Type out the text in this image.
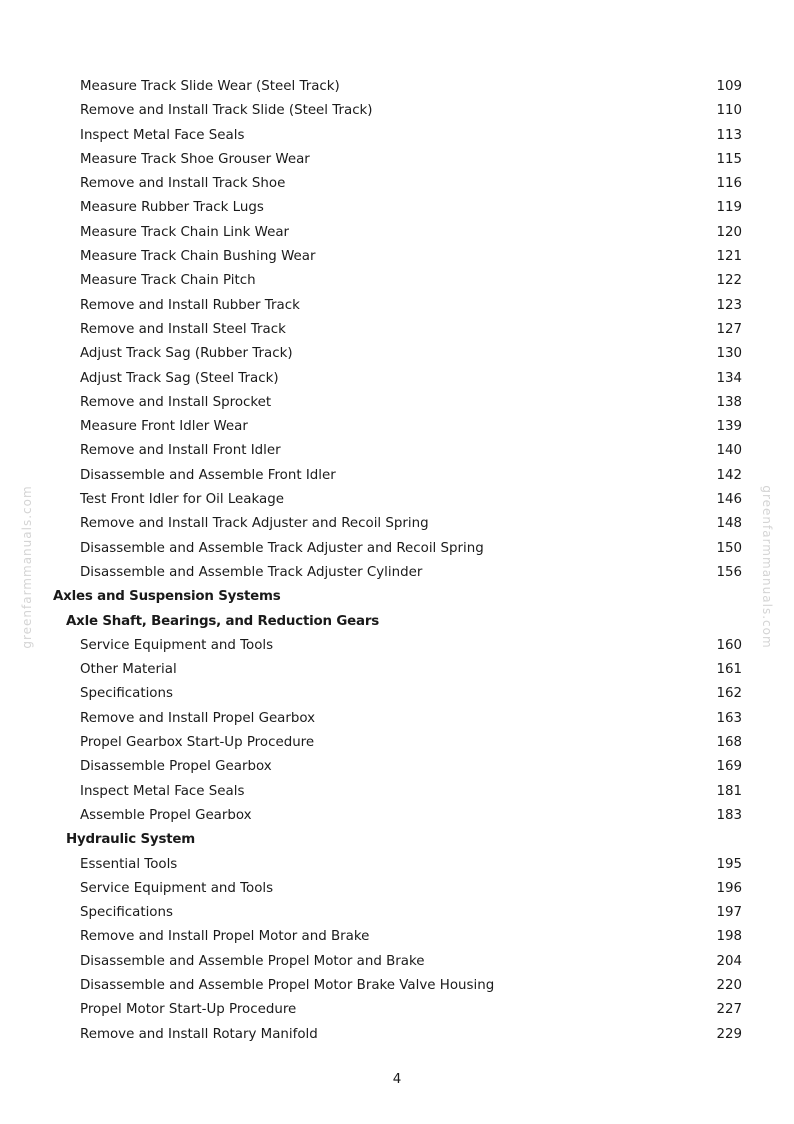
Measure Track Slide Wear (Steel Track)	109
Remove and Install Track Slide (Steel Track)	110
Inspect Metal Face Seals	113
Measure Track Shoe Grouser Wear	115
Remove and Install Track Shoe	116
Measure Rubber Track Lugs	119
Measure Track Chain Link Wear	120
Measure Track Chain Bushing Wear	121
Measure Track Chain Pitch	122
Remove and Install Rubber Track	123
Remove and Install Steel Track	127
Adjust Track Sag (Rubber Track)	130
Adjust Track Sag (Steel Track)	134
Remove and Install Sprocket	138
Measure Front Idler Wear	139
Remove and Install Front Idler	140
Disassemble and Assemble Front Idler	142
Test Front Idler for Oil Leakage	146
Remove and Install Track Adjuster and Recoil Spring	148
Disassemble and Assemble Track Adjuster and Recoil Spring	150
Disassemble and Assemble Track Adjuster Cylinder	156
Axles and Suspension Systems
Axle Shaft, Bearings, and Reduction Gears
Service Equipment and Tools	160
Other Material	161
Specifications	162
Remove and Install Propel Gearbox	163
Propel Gearbox Start-Up Procedure	168
Disassemble Propel Gearbox	169
Inspect Metal Face Seals	181
Assemble Propel Gearbox	183
Hydraulic System
Essential Tools	195
Service Equipment and Tools	196
Specifications	197
Remove and Install Propel Motor and Brake	198
Disassemble and Assemble Propel Motor and Brake	204
Disassemble and Assemble Propel Motor Brake Valve Housing	220
Propel Motor Start-Up Procedure	227
Remove and Install Rotary Manifold	229
4
greenfarmmanuals.com	greenfarmmanuals.com
